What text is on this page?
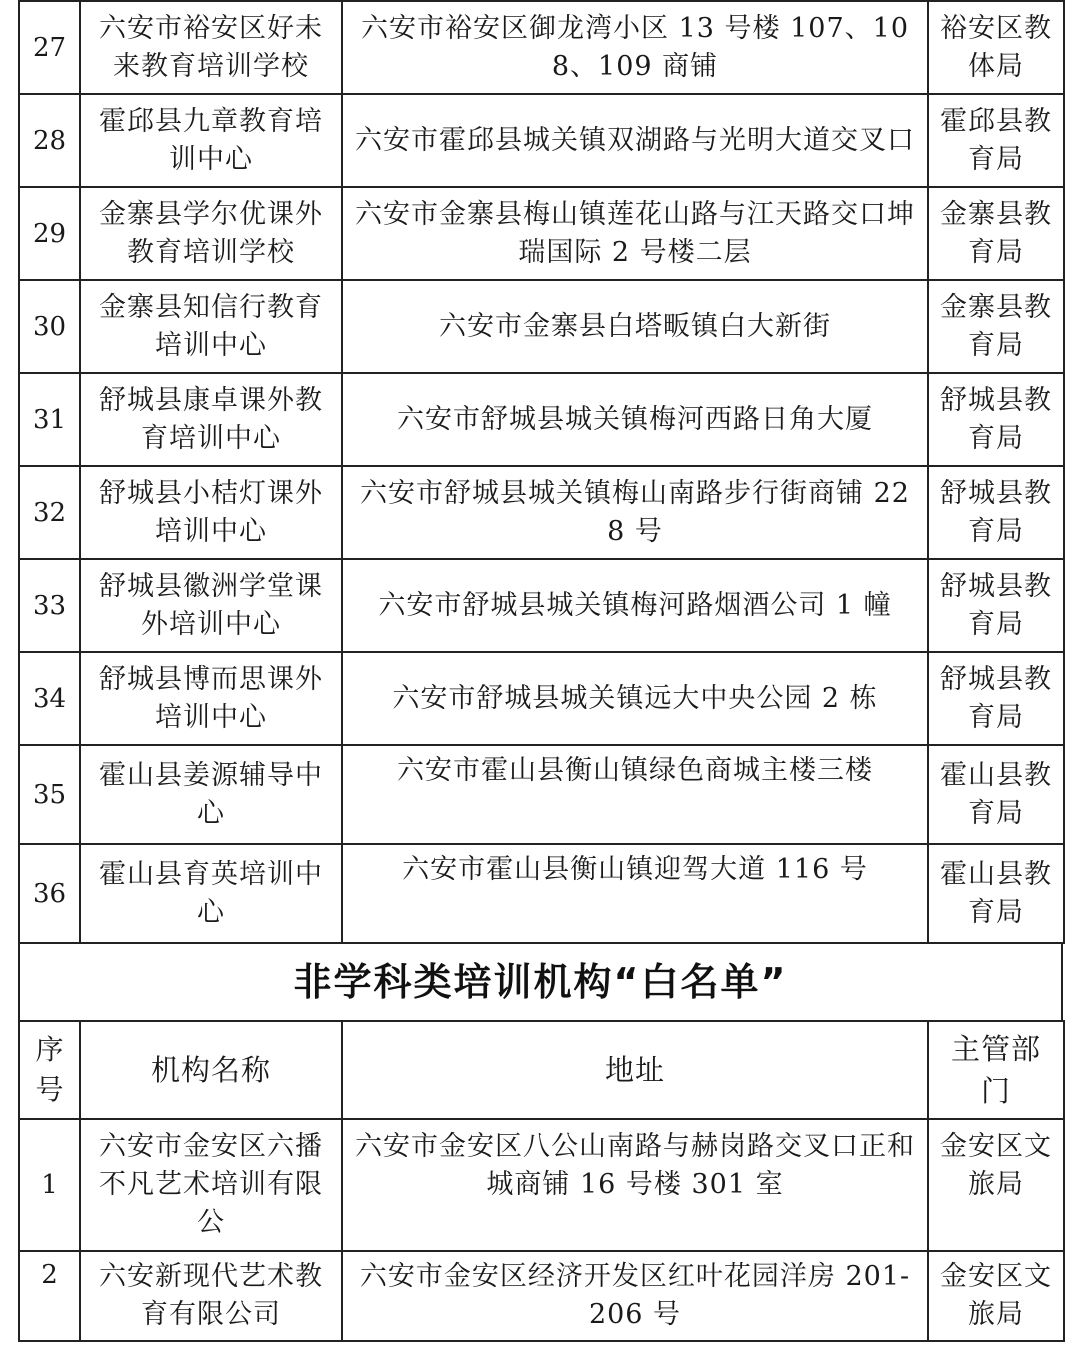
27	六安市裕安区好未来教育培训学校	六安市裕安区御龙湾小区 13 号楼 107、108、109 商铺	裕安区教体局
28	霍邱县九章教育培训中心	六安市霍邱县城关镇双湖路与光明大道交叉口	霍邱县教育局
29	金寨县学尔优课外教育培训学校	六安市金寨县梅山镇莲花山路与江天路交口坤瑞国际 2 号楼二层	金寨县教育局
30	金寨县知信行教育培训中心	六安市金寨县白塔畈镇白大新街	金寨县教育局
31	舒城县康卓课外教育培训中心	六安市舒城县城关镇梅河西路日角大厦	舒城县教育局
32	舒城县小桔灯课外培训中心	六安市舒城县城关镇梅山南路步行街商铺 228 号	舒城县教育局
33	舒城县徽洲学堂课外培训中心	六安市舒城县城关镇梅河路烟酒公司 1 幢	舒城县教育局
34	舒城县博而思课外培训中心	六安市舒城县城关镇远大中央公园 2 栋	舒城县教育局
35	霍山县姜源辅导中心	六安市霍山县衡山镇绿色商城主楼三楼	霍山县教育局
36	霍山县育英培训中心	六安市霍山县衡山镇迎驾大道 116 号	霍山县教育局
非学科类培训机构“白名单”
序号	机构名称	地址	主管部门
1	六安市金安区六播不凡艺术培训有限公	六安市金安区八公山南路与赫岗路交叉口正和城商铺 16 号楼 301 室	金安区文旅局
2	六安新现代艺术教育有限公司	六安市金安区经济开发区红叶花园洋房 201-206 号	金安区文旅局
